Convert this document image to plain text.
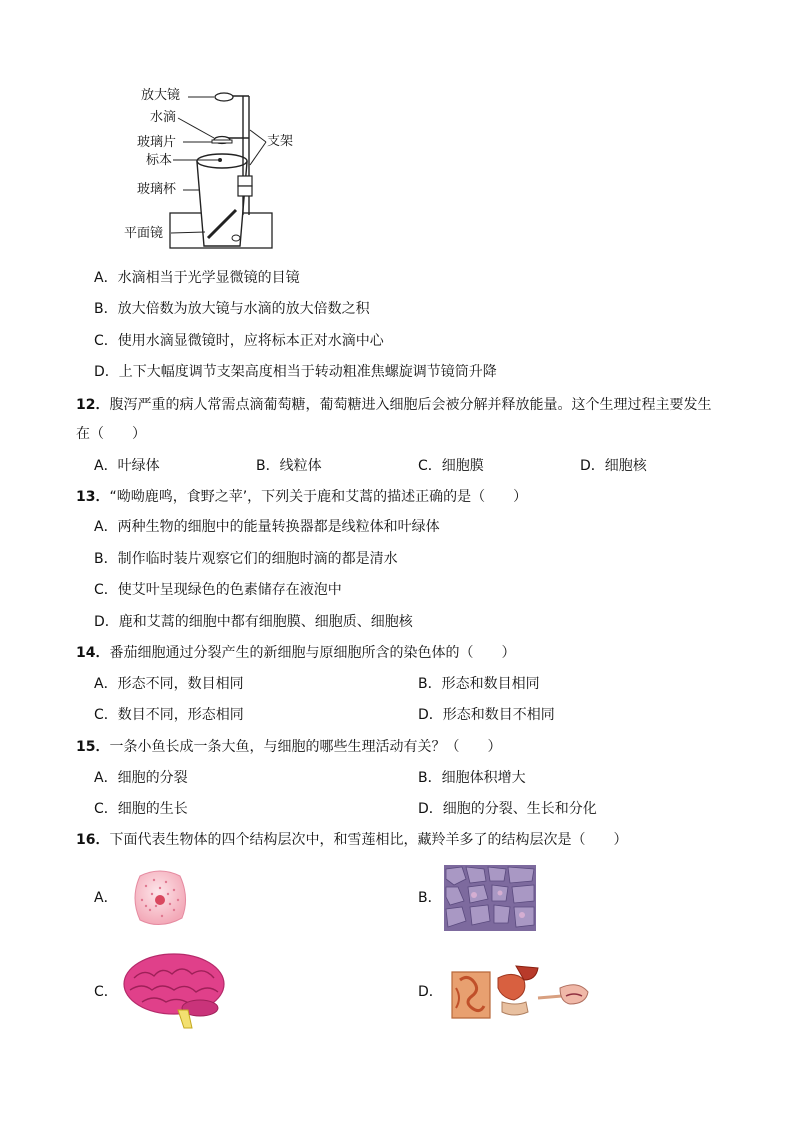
放大镜
水滴
玻璃片
标本
玻璃杯
平面镜
支架
A．水滴相当于光学显微镜的目镜
B．放大倍数为放大镜与水滴的放大倍数之积
C．使用水滴显微镜时，应将标本正对水滴中心
D．上下大幅度调节支架高度相当于转动粗准焦螺旋调节镜筒升降
12．腹泻严重的病人常需点滴葡萄糖，葡萄糖进入细胞后会被分解并释放能量。这个生理过程主要发生
在（　　）
A．叶绿体	B．线粒体	C．细胞膜	D．细胞核
13．“呦呦鹿鸣，食野之苹’，下列关于鹿和艾蒿的描述正确的是（　　）
A．两种生物的细胞中的能量转换器都是线粒体和叶绿体
B．制作临时装片观察它们的细胞时滴的都是清水
C．使艾叶呈现绿色的色素储存在液泡中
D．鹿和艾蒿的细胞中都有细胞膜、细胞质、细胞核
14．番茄细胞通过分裂产生的新细胞与原细胞所含的染色体的（　　）
A．形态不同，数目相同	B．形态和数目相同
C．数目不同，形态相同	D．形态和数目不相同
15．一条小鱼长成一条大鱼，与细胞的哪些生理活动有关？（　　）
A．细胞的分裂	B．细胞体积增大
C．细胞的生长	D．细胞的分裂、生长和分化
16．下面代表生物体的四个结构层次中，和雪莲相比，藏羚羊多了的结构层次是（　　）
A．	B．
C．	D．
